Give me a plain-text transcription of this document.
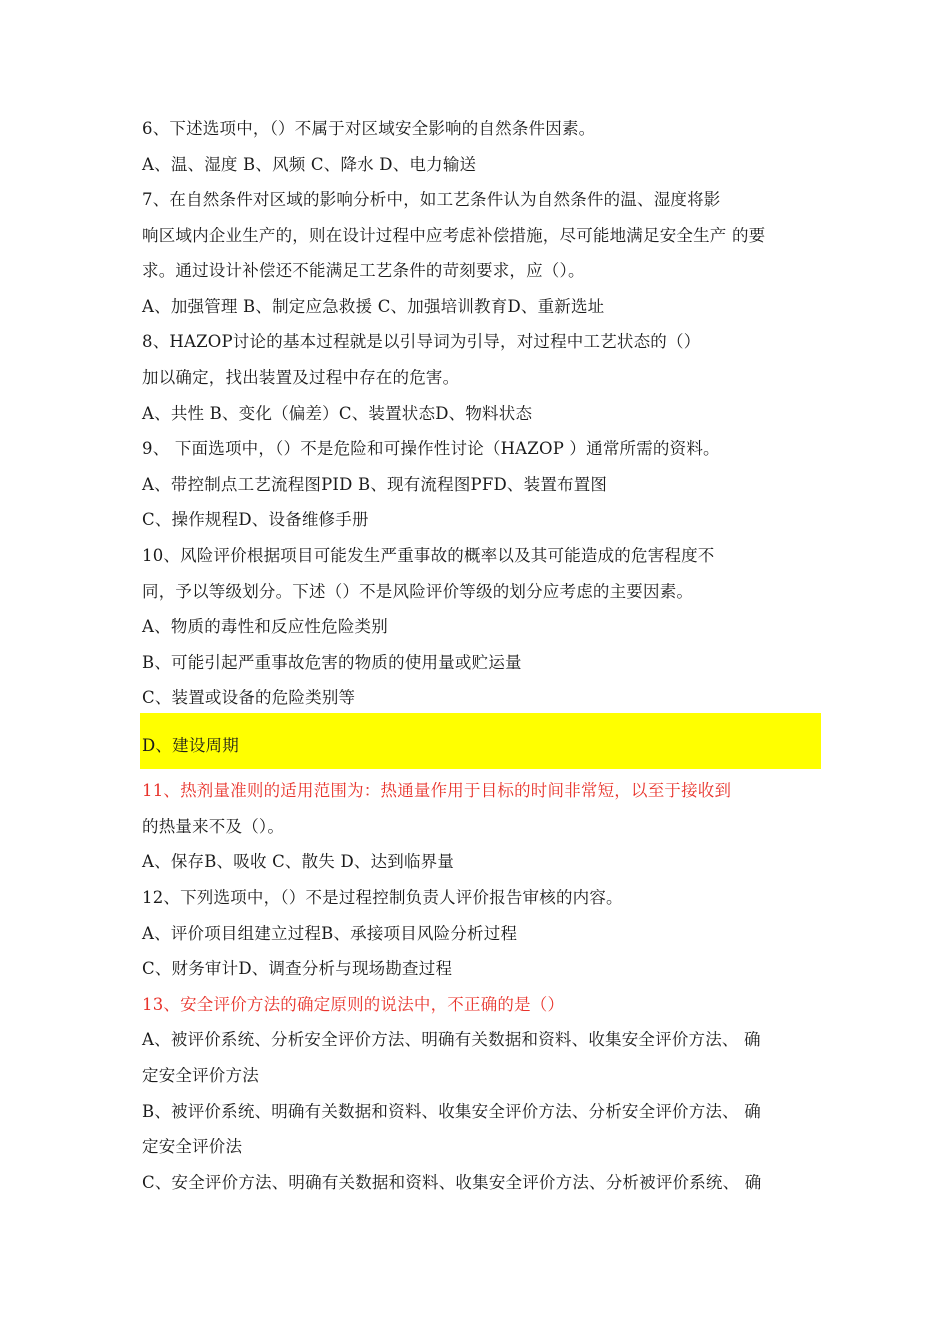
6、下述选项中，（）不属于对区域安全影响的自然条件因素。
A、温、湿度 B、风频 C、降水 D、电力输送
7、在自然条件对区域的影响分析中，如工艺条件认为自然条件的温、湿度将影
响区域内企业生产的，则在设计过程中应考虑补偿措施，尽可能地满足安全生产 的要
求。通过设计补偿还不能满足工艺条件的苛刻要求，应（）。
A、加强管理 B、制定应急救援 C、加强培训教育D、重新选址
8、HAZOP讨论的基本过程就是以引导词为引导，对过程中工艺状态的（）
加以确定，找出装置及过程中存在的危害。
A、共性 B、变化（偏差）C、装置状态D、物料状态
9、 下面选项中，（）不是危险和可操作性讨论（HAZOP ）通常所需的资料。
A、带控制点工艺流程图PID B、现有流程图PFD、装置布置图
C、操作规程D、设备维修手册
10、风险评价根据项目可能发生严重事故的概率以及其可能造成的危害程度不
同，予以等级划分。下述（）不是风险评价等级的划分应考虑的主要因素。
A、物质的毒性和反应性危险类别
B、可能引起严重事故危害的物质的使用量或贮运量
C、装置或设备的危险类别等
D、建设周期
11、热剂量准则的适用范围为：热通量作用于目标的时间非常短，以至于接收到
的热量来不及（）。
A、保存B、吸收 C、散失 D、达到临界量
12、下列选项中，（）不是过程控制负责人评价报告审核的内容。
A、评价项目组建立过程B、承接项目风险分析过程
C、财务审计D、调查分析与现场勘查过程
13、安全评价方法的确定原则的说法中，不正确的是（）
A、被评价系统、分析安全评价方法、明确有关数据和资料、收集安全评价方法、 确
定安全评价方法
B、被评价系统、明确有关数据和资料、收集安全评价方法、分析安全评价方法、 确
定安全评价法
C、安全评价方法、明确有关数据和资料、收集安全评价方法、分析被评价系统、 确
